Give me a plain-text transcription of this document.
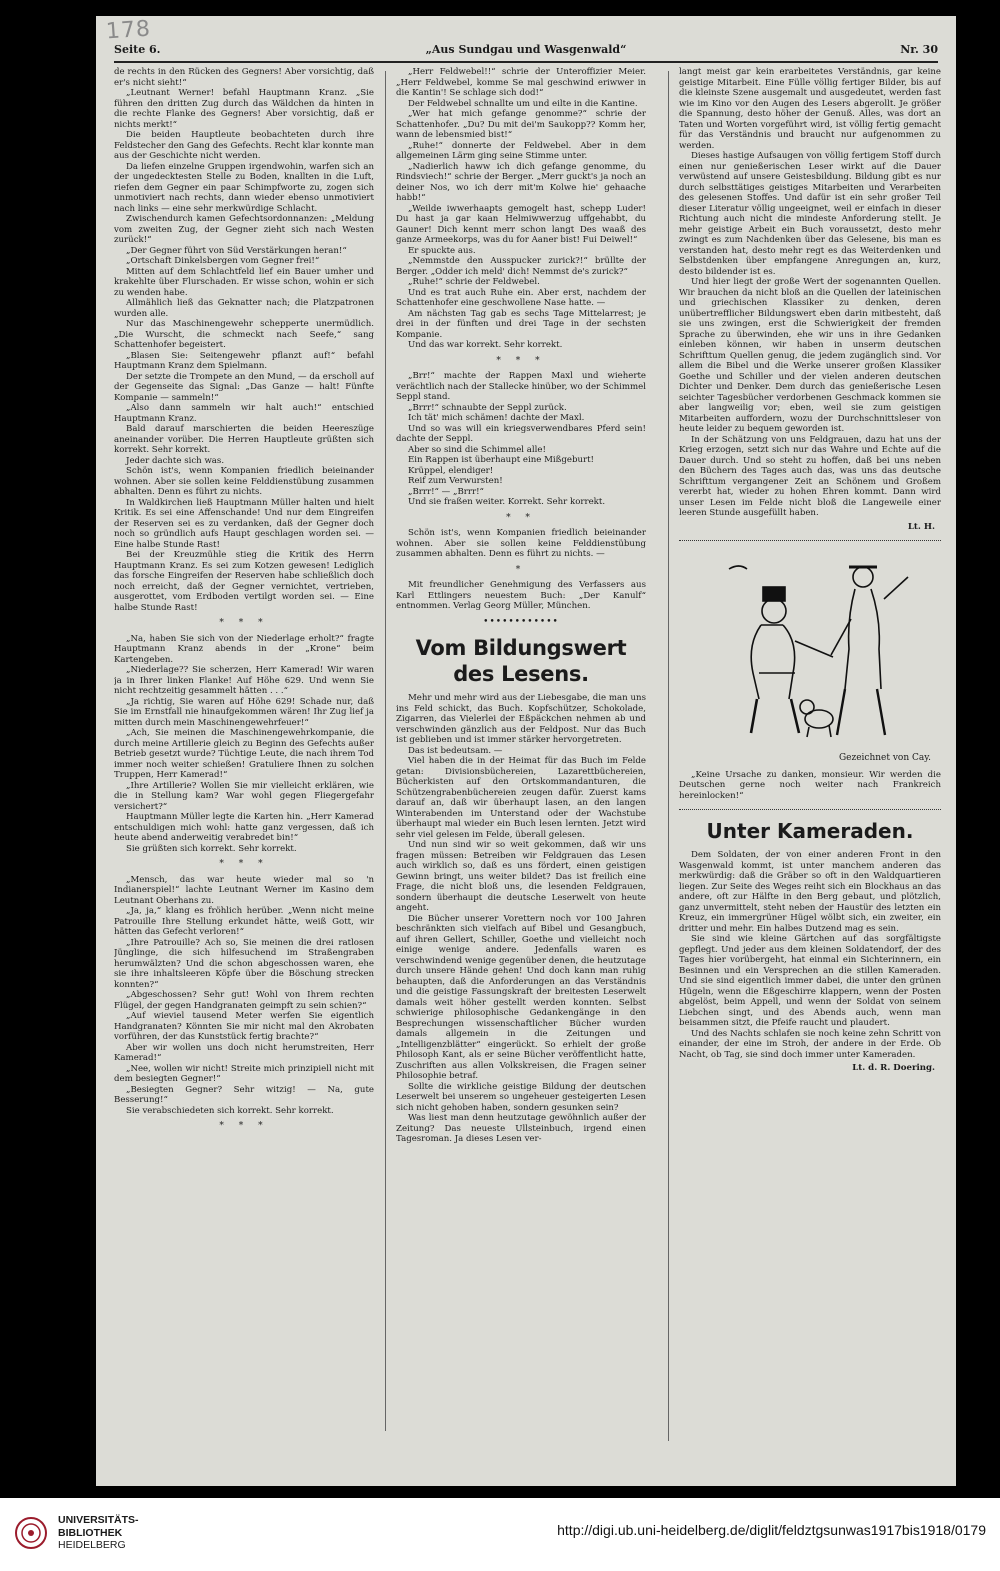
178
Seite 6.	„Aus Sundgau und Wasgenwald“	Nr. 30

de rechts in den Rücken des Gegners! Aber vorsichtig, daß er's nicht sieht!“

„Leutnant Werner! befahl Hauptmann Kranz. „Sie führen den dritten Zug durch das Wäldchen da hinten in die rechte Flanke des Gegners! Aber vorsichtig, daß er nichts merkt!“

Die beiden Hauptleute beobachteten durch ihre Feldstecher den Gang des Gefechts. Recht klar konnte man aus der Geschichte nicht werden.

Da liefen einzelne Gruppen irgendwohin, warfen sich an der ungedecktesten Stelle zu Boden, knallten in die Luft, riefen dem Gegner ein paar Schimpfworte zu, zogen sich unmotiviert nach rechts, dann wieder ebenso unmotiviert nach links — eine sehr merkwürdige Schlacht.

Zwischendurch kamen Gefechtsordonnanzen: „Meldung vom zweiten Zug, der Gegner zieht sich nach Westen zurück!“

„Der Gegner führt von Süd Verstärkungen heran!“

„Ortschaft Dinkelsbergen vom Gegner frei!“

Mitten auf dem Schlachtfeld lief ein Bauer umher und krakehlte über Flurschaden. Er wisse schon, wohin er sich zu wenden habe.

Allmählich ließ das Geknatter nach; die Platzpatronen wurden alle.

Nur das Maschinengewehr schepperte unermüdlich. „Die Wurscht, die schmeckt nach Seefe,“ sang Schattenhofer begeistert.

„Blasen Sie: Seitengewehr pflanzt auf!“ befahl Hauptmann Kranz dem Spielmann.

Der setzte die Trompete an den Mund, — da erscholl auf der Gegenseite das Signal: „Das Ganze — halt! Fünfte Kompanie — sammeln!“

„Also dann sammeln wir halt auch!“ entschied Hauptmann Kranz.

Bald darauf marschierten die beiden Heereszüge aneinander vorüber. Die Herren Hauptleute grüßten sich korrekt. Sehr korrekt.

Jeder dachte sich was.

Schön ist's, wenn Kompanien friedlich beieinander wohnen. Aber sie sollen keine Felddienstübung zusammen abhalten. Denn es führt zu nichts.

In Waldkirchen ließ Hauptmann Müller halten und hielt Kritik. Es sei eine Affenschande! Und nur dem Eingreifen der Reserven sei es zu verdanken, daß der Gegner doch noch so gründlich aufs Haupt geschlagen worden sei. — Eine halbe Stunde Rast!

Bei der Kreuzmühle stieg die Kritik des Herrn Hauptmann Kranz. Es sei zum Kotzen gewesen! Lediglich das forsche Eingreifen der Reserven habe schließlich doch noch erreicht, daß der Gegner vernichtet, vertrieben, ausgerottet, vom Erdboden vertilgt worden sei. — Eine halbe Stunde Rast!

* * *

„Na, haben Sie sich von der Niederlage erholt?“ fragte Hauptmann Kranz abends in der „Krone“ beim Kartengeben.

„Niederlage?? Sie scherzen, Herr Kamerad! Wir waren ja in Ihrer linken Flanke! Auf Höhe 629. Und wenn Sie nicht rechtzeitig gesammelt hätten . . .“

„Ja richtig, Sie waren auf Höhe 629! Schade nur, daß Sie im Ernstfall nie hinaufgekommen wären! Ihr Zug lief ja mitten durch mein Maschinengewehrfeuer!“

„Ach, Sie meinen die Maschinengewehrkompanie, die durch meine Artillerie gleich zu Beginn des Gefechts außer Betrieb gesetzt wurde? Tüchtige Leute, die nach ihrem Tod immer noch weiter schießen! Gratuliere Ihnen zu solchen Truppen, Herr Kamerad!“

„Ihre Artillerie? Wollen Sie mir vielleicht erklären, wie die in Stellung kam? War wohl gegen Fliegergefahr versichert?“

Hauptmann Müller legte die Karten hin. „Herr Kamerad entschuldigen mich wohl: hatte ganz vergessen, daß ich heute abend anderweitig verabredet bin!“

Sie grüßten sich korrekt. Sehr korrekt.

* * *

„Mensch, das war heute wieder mal so 'n Indianerspiel!“ lachte Leutnant Werner im Kasino dem Leutnant Oberhans zu.

„Ja, ja,“ klang es fröhlich herüber. „Wenn nicht meine Patrouille Ihre Stellung erkundet hätte, weiß Gott, wir hätten das Gefecht verloren!“

„Ihre Patrouille? Ach so, Sie meinen die drei ratlosen Jünglinge, die sich hilfesuchend im Straßengraben herumwälzten? Und die schon abgeschossen waren, ehe sie ihre inhaltsleeren Köpfe über die Böschung strecken konnten?“

„Abgeschossen? Sehr gut! Wohl von Ihrem rechten Flügel, der gegen Handgranaten geimpft zu sein schien?“

„Auf wieviel tausend Meter werfen Sie eigentlich Handgranaten? Könnten Sie mir nicht mal den Akrobaten vorführen, der das Kunststück fertig brachte?“

Aber wir wollen uns doch nicht herumstreiten, Herr Kamerad!“

„Nee, wollen wir nicht! Streite mich prinzipiell nicht mit dem besiegten Gegner!“

„Besiegten Gegner? Sehr witzig! — Na, gute Besserung!“

Sie verabschiedeten sich korrekt. Sehr korrekt.

* * *

„Herr Feldwebel!!“ schrie der Unteroffizier Meier. „Herr Feldwebel, komme Se mal geschwind eriwwer in die Kantin'! Se schlage sich dod!“

Der Feldwebel schnallte um und eilte in die Kantine.

„Wer hat mich gefange genomme?“ schrie der Schattenhofer. „Du? Du mit dei'm Saukopp?? Komm her, wann de lebensmied bist!“

„Ruhe!“ donnerte der Feldwebel. Aber in dem allgemeinen Lärm ging seine Stimme unter.

„Nadierlich haww ich dich gefange genomme, du Rindsviech!“ schrie der Berger. „Merr guckt's ja noch an deiner Nos, wo ich derr mit'm Kolwe hie' gehaache habb!“

„Weilde iwwerhaapts gemogelt hast, schepp Luder! Du hast ja gar kaan Helmiwwerzug uffgehabbt, du Gauner! Dich kennt merr schon langt Des waaß des ganze Armeekorps, was du for Aaner bist! Fui Deiwel!“

Er spuckte aus.

„Nemmstde den Ausspucker zurick?!“ brüllte der Berger. „Odder ich meld' dich! Nemmst de's zurick?“

„Ruhe!“ schrie der Feldwebel.

Und es trat auch Ruhe ein. Aber erst, nachdem der Schattenhofer eine geschwollene Nase hatte. —

Am nächsten Tag gab es sechs Tage Mittelarrest; je drei in der fünften und drei Tage in der sechsten Kompanie.

Und das war korrekt. Sehr korrekt.

* * *

„Brr!“ machte der Rappen Maxl und wieherte verächtlich nach der Stallecke hinüber, wo der Schimmel Seppl stand.

„Brrr!“ schnaubte der Seppl zurück.

Ich tät' mich schämen! dachte der Maxl.

Und so was will ein kriegsverwendbares Pferd sein! dachte der Seppl.

Aber so sind die Schimmel alle!

Ein Rappen ist überhaupt eine Mißgeburt!

Krüppel, elendiger!

Reif zum Verwursten!

„Brrr!“ — „Brrr!“

Und sie fraßen weiter. Korrekt. Sehr korrekt.

* *

Schön ist's, wenn Kompanien friedlich beieinander wohnen. Aber sie sollen keine Felddienstübung zusammen abhalten. Denn es führt zu nichts. —

*

Mit freundlicher Genehmigung des Verfassers aus Karl Ettlingers neuestem Buch: „Der Kanulf“ entnommen. Verlag Georg Müller, München.

••••••••••••
Vom Bildungswert des Lesens.

Mehr und mehr wird aus der Liebesgabe, die man uns ins Feld schickt, das Buch. Kopfschützer, Schokolade, Zigarren, das Vielerlei der Eßpäckchen nehmen ab und verschwinden gänzlich aus der Feldpost. Nur das Buch ist geblieben und ist immer stärker hervorgetreten.

Das ist bedeutsam. —

Viel haben die in der Heimat für das Buch im Felde getan: Divisionsbüchereien, Lazarettbüchereien, Bücherkisten auf den Ortskommandanturen, die Schützengrabenbüchereien zeugen dafür. Zuerst kams darauf an, daß wir überhaupt lasen, an den langen Winterabenden im Unterstand oder der Wachstube überhaupt mal wieder ein Buch lesen lernten. Jetzt wird sehr viel gelesen im Felde, überall gelesen.

Und nun sind wir so weit gekommen, daß wir uns fragen müssen: Betreiben wir Feldgrauen das Lesen auch wirklich so, daß es uns fördert, einen geistigen Gewinn bringt, uns weiter bildet? Das ist freilich eine Frage, die nicht bloß uns, die lesenden Feldgrauen, sondern überhaupt die deutsche Leserwelt von heute angeht.

Die Bücher unserer Vorettern noch vor 100 Jahren beschränkten sich vielfach auf Bibel und Gesangbuch, auf ihren Gellert, Schiller, Goethe und vielleicht noch einige wenige andere. Jedenfalls waren es verschwindend wenige gegenüber denen, die heutzutage durch unsere Hände gehen! Und doch kann man ruhig behaupten, daß die Anforderungen an das Verständnis und die geistige Fassungskraft der breitesten Leserwelt damals weit höher gestellt werden konnten. Selbst schwierige philosophische Gedankengänge in den Besprechungen wissenschaftlicher Bücher wurden damals allgemein in die Zeitungen und „Intelligenzblätter“ eingerückt. So erhielt der große Philosoph Kant, als er seine Bücher veröffentlicht hatte, Zuschriften aus allen Volkskreisen, die Fragen seiner Philosophie betraf.

Sollte die wirkliche geistige Bildung der deutschen Leserwelt bei unserem so ungeheuer gesteigerten Lesen sich nicht gehoben haben, sondern gesunken sein?

Was liest man denn heutzutage gewöhnlich außer der Zeitung? Das neueste Ullsteinbuch, irgend einen Tagesroman. Ja dieses Lesen ver-

langt meist gar kein erarbeitetes Verständnis, gar keine geistige Mitarbeit. Eine Fülle völlig fertiger Bilder, bis auf die kleinste Szene ausgemalt und ausgedeutet, werden fast wie im Kino vor den Augen des Lesers abgerollt. Je größer die Spannung, desto höher der Genuß. Alles, was dort an Taten und Worten vorgeführt wird, ist völlig fertig gemacht für das Verständnis und braucht nur aufgenommen zu werden.

Dieses hastige Aufsaugen von völlig fertigem Stoff durch einen nur genießerischen Leser wirkt auf die Dauer verwüstend auf unsere Geistesbildung. Bildung gibt es nur durch selbsttätiges geistiges Mitarbeiten und Verarbeiten des gelesenen Stoffes. Und dafür ist ein sehr großer Teil dieser Literatur völlig ungeeignet, weil er einfach in dieser Richtung auch nicht die mindeste Anforderung stellt. Je mehr geistige Arbeit ein Buch voraussetzt, desto mehr zwingt es zum Nachdenken über das Gelesene, bis man es verstanden hat, desto mehr regt es das Weiterdenken und Selbstdenken über empfangene Anregungen an, kurz, desto bildender ist es.

Und hier liegt der große Wert der sogenannten Quellen. Wir brauchen da nicht bloß an die Quellen der lateinischen und griechischen Klassiker zu denken, deren unübertrefflicher Bildungswert eben darin mitbesteht, daß sie uns zwingen, erst die Schwierigkeit der fremden Sprache zu überwinden, ehe wir uns in ihre Gedanken einleben können, wir haben in unserm deutschen Schrifttum Quellen genug, die jedem zugänglich sind. Vor allem die Bibel und die Werke unserer großen Klassiker Goethe und Schiller und der vielen anderen deutschen Dichter und Denker. Dem durch das genießerische Lesen seichter Tagesbücher verdorbenen Geschmack kommen sie aber langweilig vor; eben, weil sie zum geistigen Mitarbeiten auffordern, wozu der Durchschnittsleser von heute leider zu bequem geworden ist.

In der Schätzung von uns Feldgrauen, dazu hat uns der Krieg erzogen, setzt sich nur das Wahre und Echte auf die Dauer durch. Und so steht zu hoffen, daß bei uns neben den Büchern des Tages auch das, was uns das deutsche Schrifttum vergangener Zeit an Schönem und Großem vererbt hat, wieder zu hohen Ehren kommt. Dann wird unser Lesen im Felde nicht bloß die Langeweile einer leeren Stunde ausgefüllt haben.

Lt. H.
Gezeichnet von Cay.

„Keine Ursache zu danken, monsieur. Wir werden die Deutschen gerne noch weiter nach Frankreich hereinlocken!“

Unter Kameraden.

Dem Soldaten, der von einer anderen Front in den Wasgenwald kommt, ist unter manchem anderen das merkwürdig: daß die Gräber so oft in den Waldquartieren liegen. Zur Seite des Weges reiht sich ein Blockhaus an das andere, oft zur Hälfte in den Berg gebaut, und plötzlich, ganz unvermittelt, steht neben der Haustür des letzten ein Kreuz, ein immergrüner Hügel wölbt sich, ein zweiter, ein dritter und mehr. Ein halbes Dutzend mag es sein.

Sie sind wie kleine Gärtchen auf das sorgfältigste gepflegt. Und jeder aus dem kleinen Soldatendorf, der des Tages hier vorübergeht, hat einmal ein Sichterinnern, ein Besinnen und ein Versprechen an die stillen Kameraden. Und sie sind eigentlich immer dabei, die unter den grünen Hügeln, wenn die Eßgeschirre klappern, wenn der Posten abgelöst, beim Appell, und wenn der Soldat von seinem Liebchen singt, und des Abends auch, wenn man beisammen sitzt, die Pfeife raucht und plaudert.

Und des Nachts schlafen sie noch keine zehn Schritt von einander, der eine im Stroh, der andere in der Erde. Ob Nacht, ob Tag, sie sind doch immer unter Kameraden.

Lt. d. R. Doering.
UNIVERSITÄTS-
BIBLIOTHEK
HEIDELBERG
http://digi.ub.uni-heidelberg.de/diglit/feldztgsunwas1917bis1918/0179
